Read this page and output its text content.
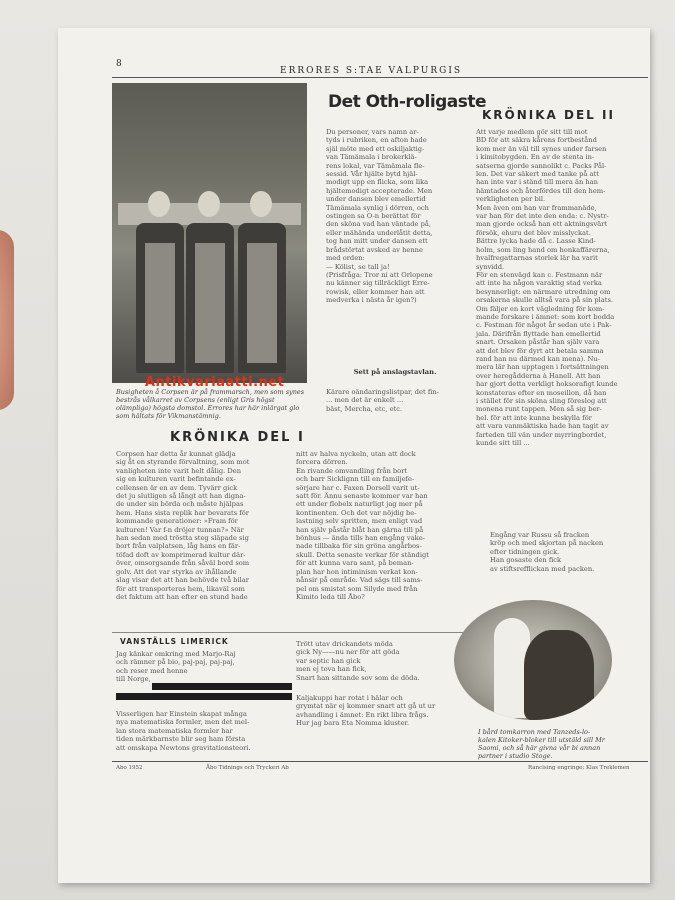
8
ERRORES S:TAE VALPURGIS
Busigheten å Corpsen är på frammarsch, men som synes bestrås vålkarret av Corpsens (enligt Gris högst olämpliga) högsta domstol. Errores har här inlärgat glo som hältats för Vikmanstämnig.
Det Oth-roligaste
Du personer, vars namn ar-
tyds i rubriken, en afton hade
själ möte med ett oskiljaktig-
van Tämämala i brokerklä-
rens lokal, var Tämämala fle-
sessid. Vår hjälte bytd hjäl-
modigt upp en flicka, som lika
hjältemodigt accepterade. Men
under dansen blev emellertid
Tämämala synlig i dörren, och
ostingen sa O-n berättat för
den sköna vad han väntade på,
eller mähända underlåtit detta,
tog han mitt under dansen ett
brådstörtat avsked av henne
med orden:
— Kölist, se tall ja!
(Prisfråga: Tror ni att Orlopene
nu känner sig tillräckligt Erre-
rowisk, eller kommer han att
medverka i nästa år igen?)
Sett på anslagstavlan.
Kärare oändaringslistpar, det fin-
... men det är enkelt ...
bäst, Mercha, etc, etc.
KRÖNIKA DEL II
Att varje medlem gör sitt till mot
BD för att säkra kårens fortbestånd
kom mer än väl till synes under farsen
i kimitobygden. En av de stenta in-
satserna gjorde sannolikt c. Packs Pål-
len. Det var säkert med tanke på att
han inte var i ständ till mera än han
hämtades och återfördes till den hem-
verkligheten per bil.
Men även om han var frammanäde,
var han för det inte den enda: c. Nystr-
man gjorde också han ett aktningsvärt
försök, ehuru det blev misslyckat.
Bättre lycka hade då c. Lasse Kind-
holm, som ling hand om honkaffärerna,
hvalfregattarnas storlek lär ha varit
synvidd.
För en stenvägd kan c. Festmann när
att inte ha någon varaktig stad verka
besynnerligt: en närmare utredning om
orsakerna skulle alltså vara på sin plats.
Om fäljer en kort vägledning för kom-
mande forskare i ämnet: som kort bodda
c. Festman för något år sedan ute i Pak-
jala. Därifrån flyttade han emellertid
snart. Orsaken påstår han själv vara
att det blev för dyrt att betala samma
rand han nu därmed kan mena). Nu-
mera lär han upptagen i fortsättningen
over heregådderna à Hanell. Att han
har gjort detta verkligt hoksorafigt kunde
konstateras efter en moseillon, då han
i stället för sin sköna sling föreslog att
monena runt tappen. Men så sig ber-
hel. för att inte kunna beskylla för
att vara vanmäktiska hade han tagit av
farteden till vän under myrringbordet,
kunde sitt till ...
Engång var Russu så fracken
kröp och med skjortan på nacken
efter tidningen gick.
Han gosaste den fick
av stiftsrefflickan med packen.
KRÖNIKA DEL I
Corpsen har detta år kunnat glädja
sig åt en styrande förvaltning, som mot
vanligheten inte varit helt dålig. Den
sig en kulturen varit befintande ex-
cellensen är en av dem. Tyvärr gick
det ju slutligen så långt att han digna-
de under sin börda och måste hjälpas
hem. Hans sista replik har bevarats för
kommande generationer: »Fram för
kulturen! Var f-n dröjer tunnan?» När
han sedan med tröstta steg släpade sig
bort från valplatsen, låg hans en fär-
töfad doft av komprimerad kultur där-
över, omsorgsande från såväl bord som
golv. Att det var styrka av ihållande
slag visar det att han behövde två bilar
för att transporteras hem, likaväl som
det faktum att han efter en stund hade
nitt av halva nyckeln, utan att dock
forcera dörren.
En rivande omvandling från bort
och barr Sicklignn till en familjefe-
sörjare har c. Faxen Dorsell varit ut-
satt för. Ännu senaste kommer var han
ett under flobelx naturligt jag mer på
kontinenten. Och det var nöjdig be-
lastning selv spritten, men enligt vad
han själv påstår blåt han gärna till på
bönhus — ända tills han engång vake-
nade tillbaka för sin gröna angårbos-
skull. Detta senaste verkar för ständigt
för att kunna vara sant, på beman-
plan har hon intiminism verkat kon-
nånsir på område. Vad sägs till sams-
pel om smistat som Silyde med från
Kimito leda till Åbo?
VANSTÄLLS LIMERICK
Jag känkar omkring med Marjo-Raj
och rämner på bio, paj-paj, paj-paj,
och reser med henne
till Norge,
Visserligen har Einstein skapat många
nya matematiska formler, men det mel-
lan stora matematiska formler har
tiden märkbarnste blir seg ham första
att omskapa Newtons gravitationsteori.
Trött utav drickandets möda
gick Ny——nu ner för att göda
var septic han gick
men ej tova han fick,
Snart han sittande sov som de döda.
Kaljakuppi har rotat i hälar och
grymtat när ej kommer snart att gå ut ur
avhandling i ämnet: En rikt libra frågs.
Hur jag bara Eta Nomma kluster.
I bård tomkarron med Tanzeds-lo-
kalen Kitoker-bloker till utstäld sill Mr
Saomi, och så här givna vår bi annan
partner i studio Stoge.
Abo 1952	Åbo Tidnings och Tryckeri Ab	Rancising engringe; Klas Treklemen
Antikvariaatti.net
